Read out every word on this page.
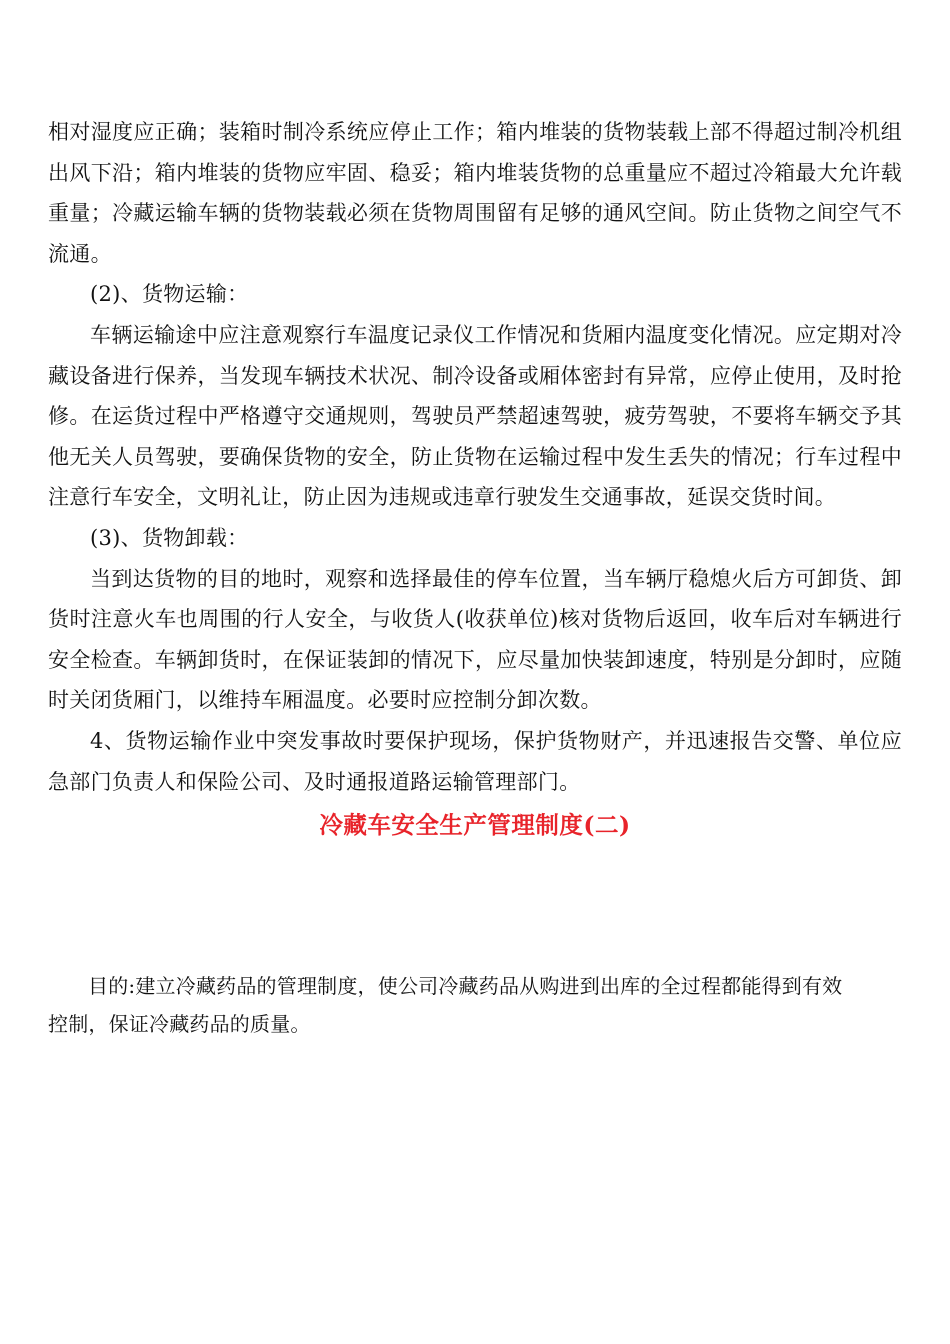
相对湿度应正确；装箱时制冷系统应停止工作；箱内堆装的货物装载上部不得超过制冷机组出风下沿；箱内堆装的货物应牢固、稳妥；箱内堆装货物的总重量应不超过冷箱最大允许载重量；冷藏运输车辆的货物装载必须在货物周围留有足够的通风空间。防止货物之间空气不流通。

(2)、货物运输：

车辆运输途中应注意观察行车温度记录仪工作情况和货厢内温度变化情况。应定期对冷藏设备进行保养，当发现车辆技术状况、制冷设备或厢体密封有异常，应停止使用，及时抢修。在运货过程中严格遵守交通规则，驾驶员严禁超速驾驶，疲劳驾驶，不要将车辆交予其他无关人员驾驶，要确保货物的安全，防止货物在运输过程中发生丢失的情况；行车过程中注意行车安全，文明礼让，防止因为违规或违章行驶发生交通事故，延误交货时间。

(3)、货物卸载：

当到达货物的目的地时，观察和选择最佳的停车位置，当车辆厅稳熄火后方可卸货、卸货时注意火车也周围的行人安全，与收货人(收获单位)核对货物后返回，收车后对车辆进行安全检查。车辆卸货时，在保证装卸的情况下，应尽量加快装卸速度，特别是分卸时，应随时关闭货厢门，以维持车厢温度。必要时应控制分卸次数。

4、货物运输作业中突发事故时要保护现场，保护货物财产，并迅速报告交警、单位应急部门负责人和保险公司、及时通报道路运输管理部门。

冷藏车安全生产管理制度(二)

目的:建立冷藏药品的管理制度，使公司冷藏药品从购进到出库的全过程都能得到有效控制，保证冷藏药品的质量。
